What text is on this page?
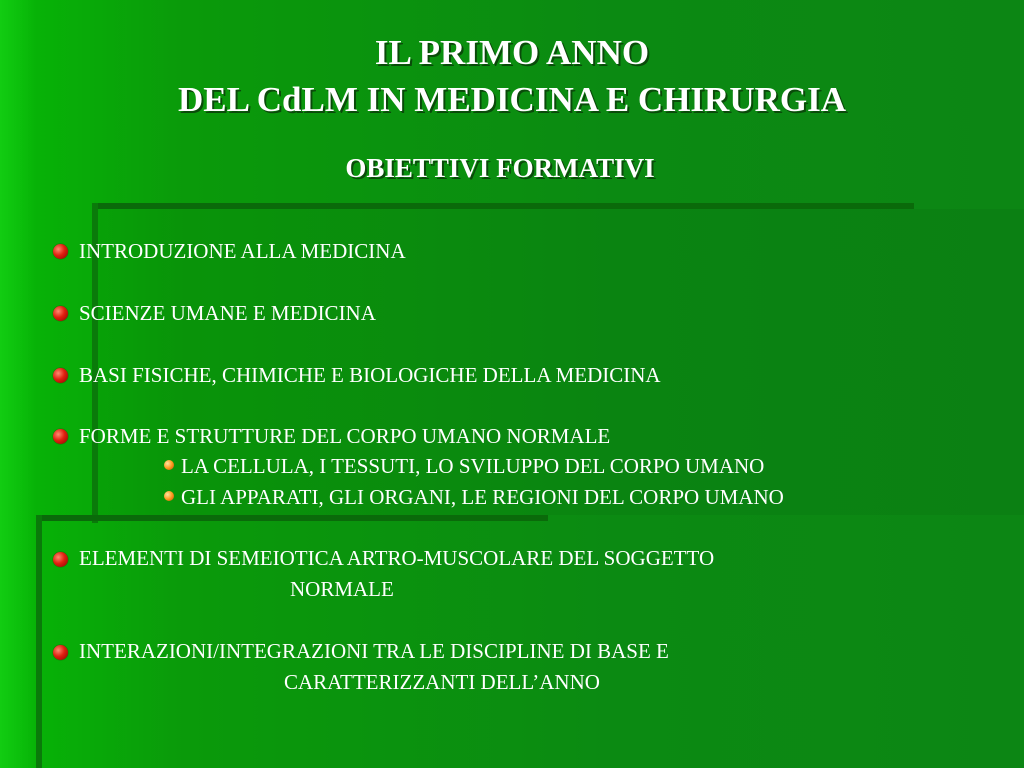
IL PRIMO ANNO
DEL CdLM IN MEDICINA E CHIRURGIA
OBIETTIVI FORMATIVI
INTRODUZIONE ALLA MEDICINA
SCIENZE UMANE E MEDICINA
BASI FISICHE, CHIMICHE E BIOLOGICHE DELLA MEDICINA
FORME E STRUTTURE DEL CORPO UMANO NORMALE
LA CELLULA, I TESSUTI, LO SVILUPPO DEL CORPO UMANO
GLI APPARATI, GLI ORGANI, LE REGIONI DEL CORPO UMANO
ELEMENTI DI SEMEIOTICA ARTRO-MUSCOLARE DEL SOGGETTO
NORMALE
INTERAZIONI/INTEGRAZIONI TRA LE DISCIPLINE DI BASE E
CARATTERIZZANTI DELL’ANNO
